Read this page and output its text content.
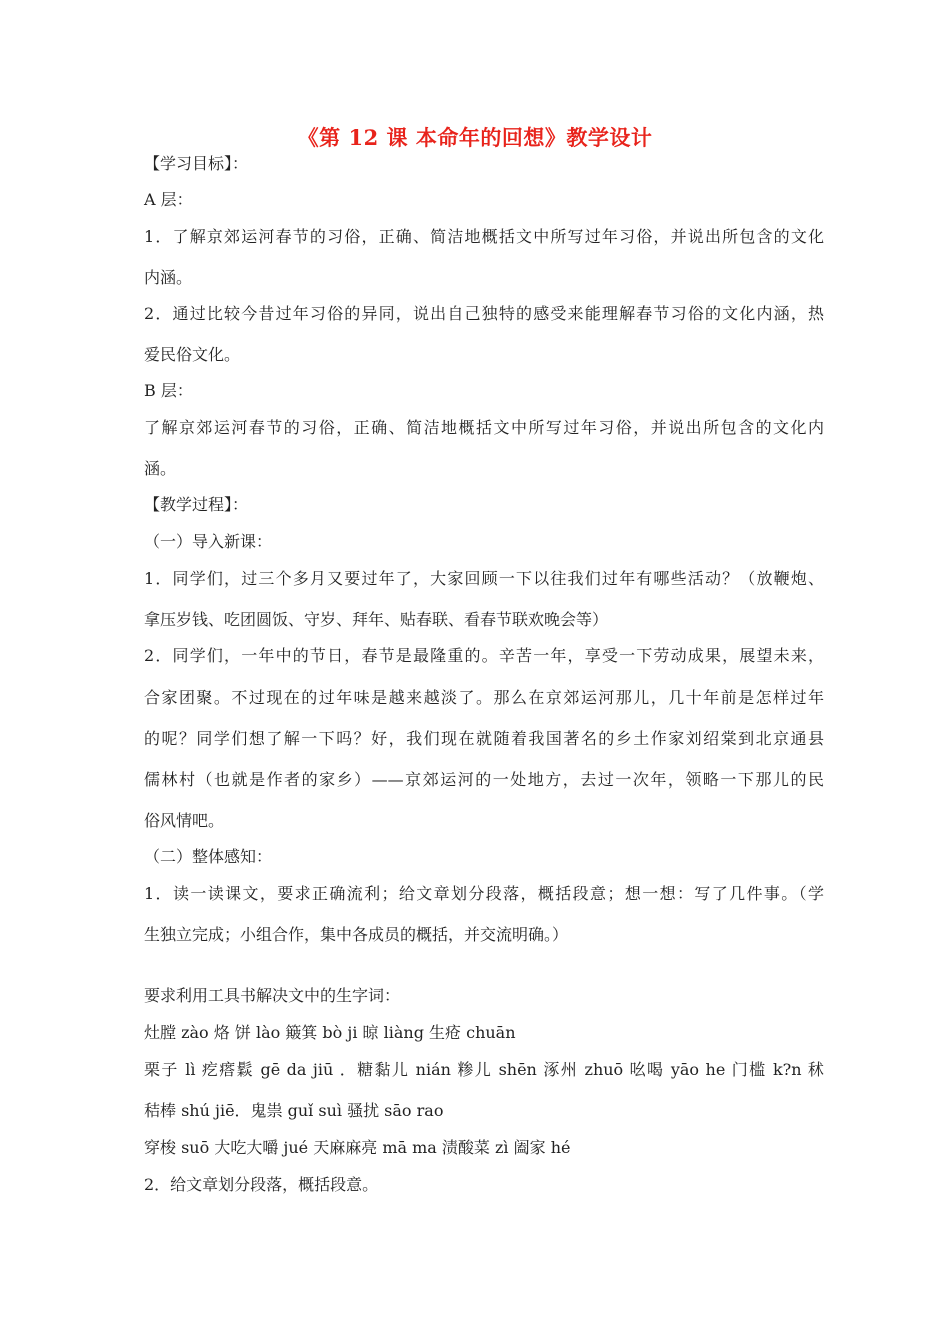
《第 12 课 本命年的回想》教学设计
【学习目标】：
A 层：
1．了解京郊运河春节的习俗，正确、简洁地概括文中所写过年习俗，并说出所包含的文化
内涵。
2．通过比较今昔过年习俗的异同，说出自己独特的感受来能理解春节习俗的文化内涵，热
爱民俗文化。
B 层：
了解京郊运河春节的习俗，正确、简洁地概括文中所写过年习俗，并说出所包含的文化内
涵。
【教学过程】：
（一）导入新课：
1．同学们，过三个多月又要过年了，大家回顾一下以往我们过年有哪些活动？（放鞭炮、
拿压岁钱、吃团圆饭、守岁、拜年、贴春联、看春节联欢晚会等）
2．同学们，一年中的节日，春节是最隆重的。辛苦一年，享受一下劳动成果，展望未来，
合家团聚。不过现在的过年味是越来越淡了。那么在京郊运河那儿，几十年前是怎样过年
的呢？同学们想了解一下吗？好，我们现在就随着我国著名的乡土作家刘绍棠到北京通县
儒林村（也就是作者的家乡）——京郊运河的一处地方，去过一次年，领略一下那儿的民
俗风情吧。
（二）整体感知：
1．读一读课文，要求正确流利；给文章划分段落，概括段意；想一想：写了几件事。（学
生独立完成；小组合作，集中各成员的概括，并交流明确。）
要求利用工具书解决文中的生字词：
灶膛 zào 烙 饼 lào 簸箕 bò ji 晾 liàng 生疮 chuān
栗子 lì 疙瘩鬏 gē da jiū ．糖黏儿 nián 糁儿 shēn 涿州 zhuō 吆喝 yāo he 门槛 k?n 秫
秸棒 shú jiē．鬼祟 guǐ suì 骚扰 sāo rao
穿梭 suō 大吃大嚼 jué 天麻麻亮 mā ma 渍酸菜 zì 阖家 hé
2．给文章划分段落，概括段意。
